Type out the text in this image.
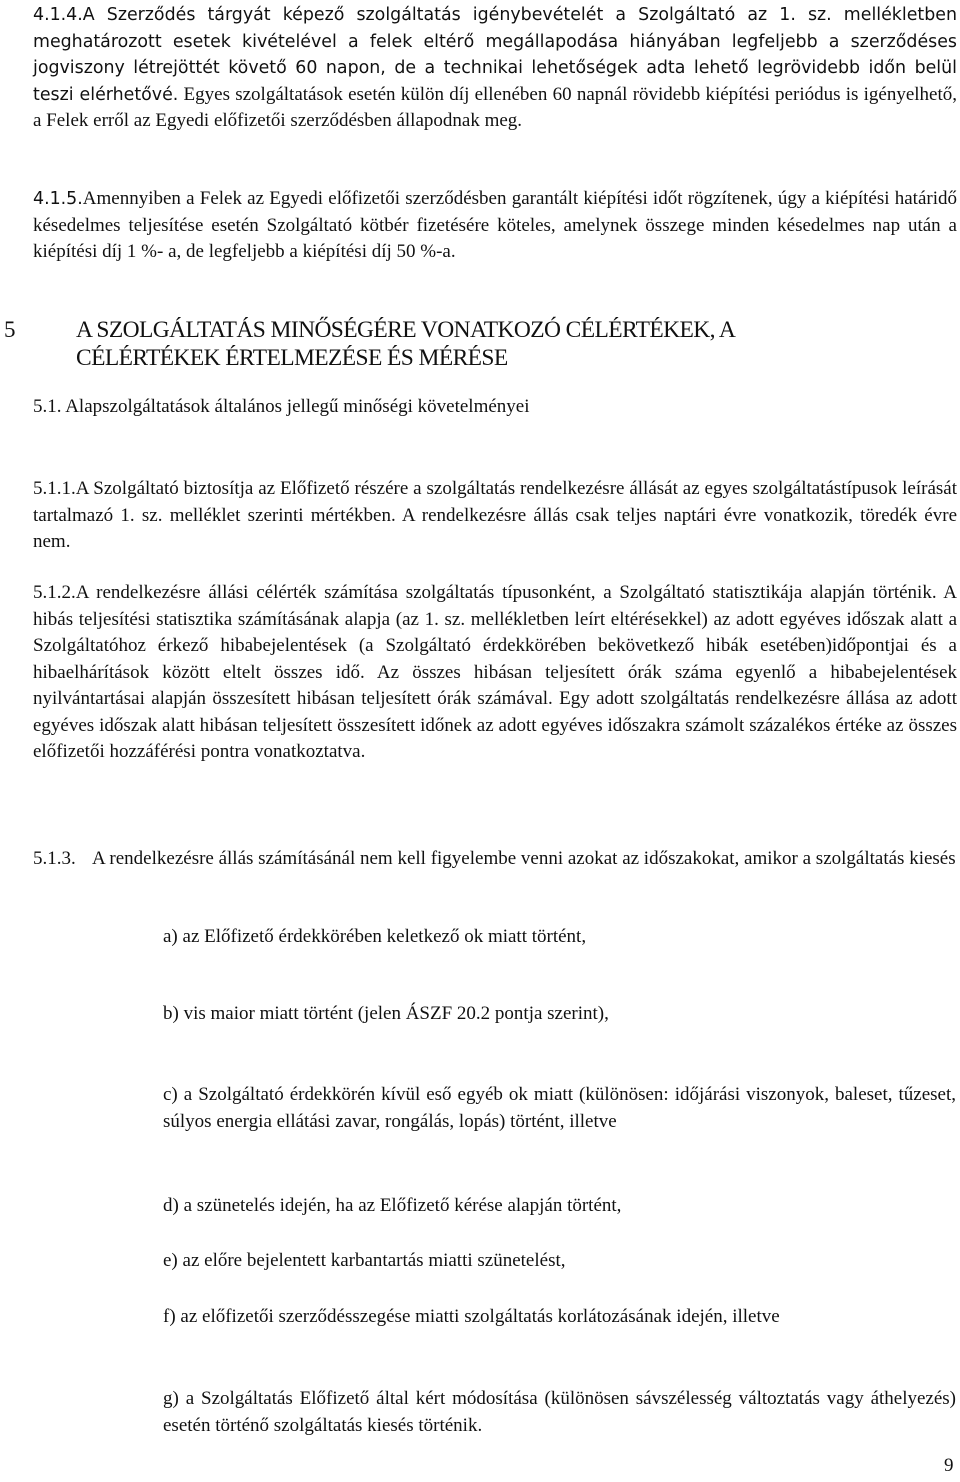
4.1.4.A Szerződés tárgyát képező szolgáltatás igénybevételét a Szolgáltató az 1. sz. mellékletben meghatározott esetek kivételével a felek eltérő megállapodása hiányában legfeljebb a szerződéses jogviszony létrejöttét követő 60 napon, de a technikai lehetőségek adta lehető legrövidebb időn belül teszi elérhetővé. Egyes szolgáltatások esetén külön díj ellenében 60 napnál rövidebb kiépítési periódus is igényelhető, a Felek erről az Egyedi előfizetői szerződésben állapodnak meg.

4.1.5.Amennyiben a Felek az Egyedi előfizetői szerződésben garantált kiépítési időt rögzítenek, úgy a kiépítési határidő késedelmes teljesítése esetén Szolgáltató kötbér fizetésére köteles, amelynek összege minden késedelmes nap után a kiépítési díj 1 %- a, de legfeljebb a kiépítési díj 50 %-a.

5	A SZOLGÁLTATÁS MINŐSÉGÉRE VONATKOZÓ CÉLÉRTÉKEK, A
CÉLÉRTÉKEK ÉRTELMEZÉSE ÉS MÉRÉSE

5.1. Alapszolgáltatások általános jellegű minőségi követelményei

5.1.1.A Szolgáltató biztosítja az Előfizető részére a szolgáltatás rendelkezésre állását az egyes szolgáltatástípusok leírását tartalmazó 1. sz. melléklet szerinti mértékben. A rendelkezésre állás csak teljes naptári évre vonatkozik, töredék évre nem.

5.1.2.A rendelkezésre állási célérték számítása szolgáltatás típusonként, a Szolgáltató statisztikája alapján történik. A hibás teljesítési statisztika számításának alapja (az 1. sz. mellékletben leírt eltérésekkel) az adott egyéves időszak alatt a Szolgáltatóhoz érkező hibabejelentések (a Szolgáltató érdekkörében bekövetkező hibák esetében)időpontjai és a hibaelhárítások között eltelt összes idő. Az összes hibásan teljesített órák száma egyenlő a hibabejelentések nyilvántartásai alapján összesített hibásan teljesített órák számával. Egy adott szolgáltatás rendelkezésre állása az adott egyéves időszak alatt hibásan teljesített összesített időnek az adott egyéves időszakra számolt százalékos értéke az összes előfizetői hozzáférési pontra vonatkoztatva.

5.1.3. A rendelkezésre állás számításánál nem kell figyelembe venni azokat az időszakokat, amikor a szolgáltatás kiesés

a) az Előfizető érdekkörében keletkező ok miatt történt,

b) vis maior miatt történt (jelen ÁSZF 20.2 pontja szerint),

c) a Szolgáltató érdekkörén kívül eső egyéb ok miatt (különösen: időjárási viszonyok, baleset, tűzeset, súlyos energia ellátási zavar, rongálás, lopás) történt, illetve

d) a szünetelés idején, ha az Előfizető kérése alapján történt,

e) az előre bejelentett karbantartás miatti szünetelést,

f) az előfizetői szerződésszegése miatti szolgáltatás korlátozásának idején, illetve

g) a Szolgáltatás Előfizető által kért módosítása (különösen sávszélesség változtatás vagy áthelyezés) esetén történő szolgáltatás kiesés történik.

9
